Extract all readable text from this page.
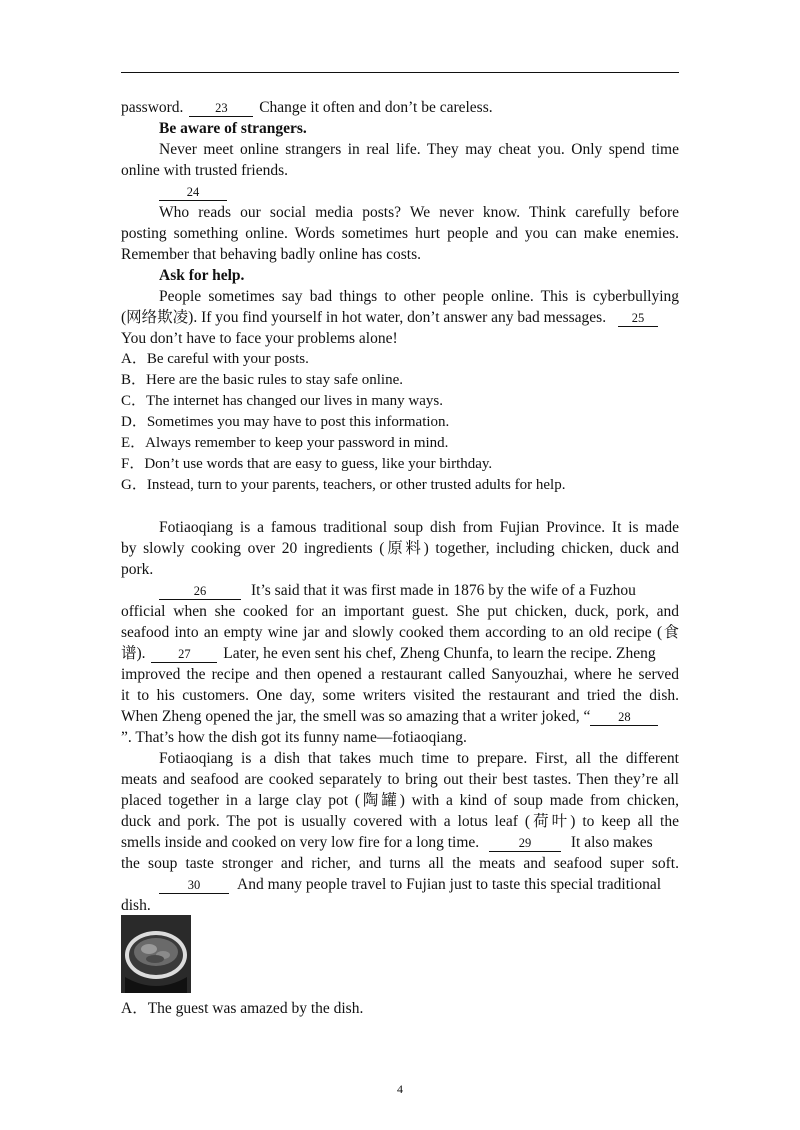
password.	23 Change it often and don’t be careless.
Be aware of strangers.
Never meet online strangers in real life. They may cheat you. Only spend time
online with trusted friends.
24
Who reads our social media posts? We never know. Think carefully before
posting something online. Words sometimes hurt people and you can make enemies.
Remember that behaving badly online has costs.
Ask for help.
People sometimes say bad things to other people online. This is cyberbullying
(网络欺凌). If you find yourself in hot water, don’t answer any bad messages. 25
You don’t have to face your problems alone!
A．Be careful with your posts.
B．Here are the basic rules to stay safe online.
C．The internet has changed our lives in many ways.
D．Sometimes you may have to post this information.
E．Always remember to keep your password in mind.
F．Don’t use words that are easy to guess, like your birthday.
G．Instead, turn to your parents, teachers, or other trusted adults for help.
Fotiaoqiang is a famous traditional soup dish from Fujian Province. It is made
by slowly cooking over 20 ingredients (原料) together, including chicken, duck and
pork.
26	It’s said that it was first made in 1876 by the wife of a Fuzhou
official when she cooked for an important guest. She put chicken, duck, pork, and
seafood into an empty wine jar and slowly cooked them according to an old recipe (食
谱).	27 Later, he even sent his chef, Zheng Chunfa, to learn the recipe. Zheng
improved the recipe and then opened a restaurant called Sanyouzhai, where he served
it to his customers. One day, some writers visited the restaurant and tried the dish.
When Zheng opened the jar, the smell was so amazing that a writer joked, “ 28
”. That’s how the dish got its funny name—fotiaoqiang.
Fotiaoqiang is a dish that takes much time to prepare. First, all the different
meats and seafood are cooked separately to bring out their best tastes. Then they’re all
placed together in a large clay pot (陶罐) with a kind of soup made from chicken,
duck and pork. The pot is usually covered with a lotus leaf (荷叶) to keep all the
smells inside and cooked on very low fire for a long time.	29	It also makes
the soup taste stronger and richer, and turns all the meats and seafood super soft.
30 And many people travel to Fujian just to taste this special traditional
dish.
A．The guest was amazed by the dish.
4
